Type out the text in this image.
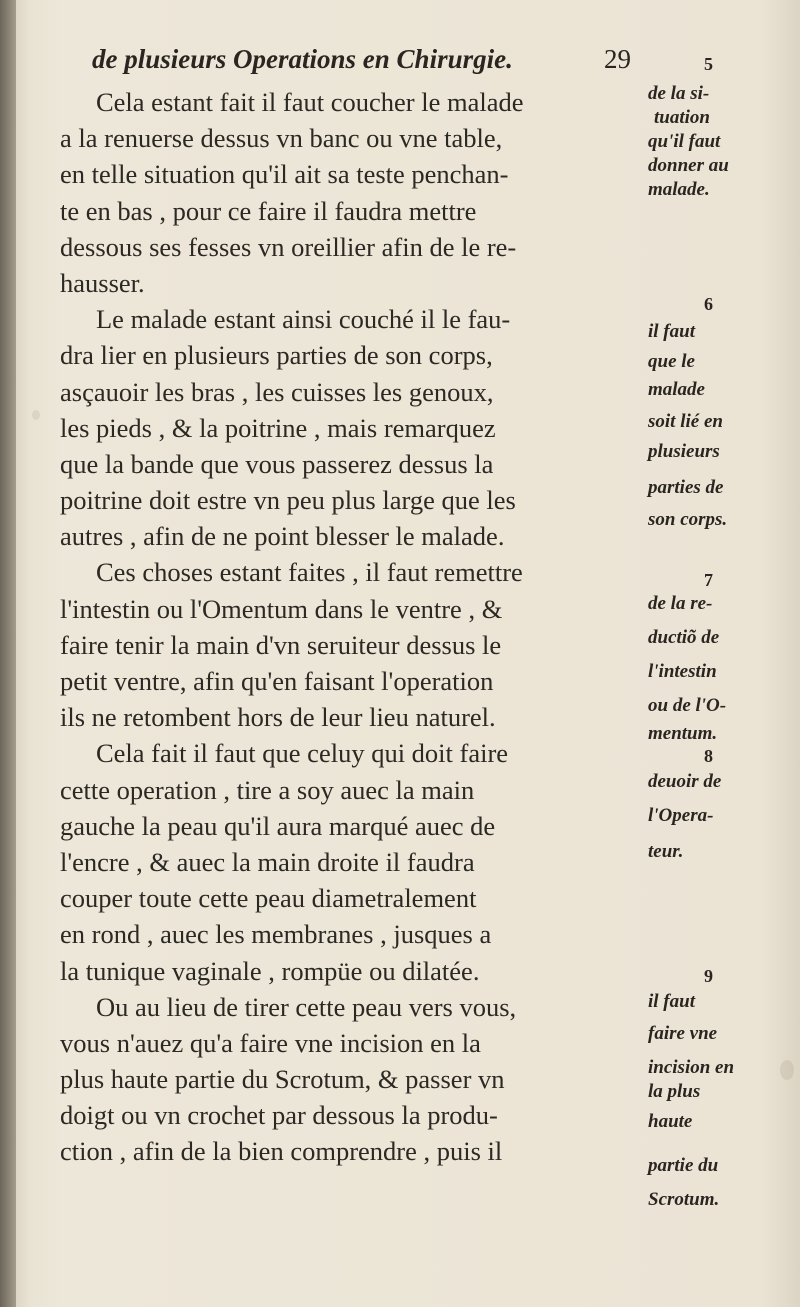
de plusieurs Operations en Chirurgie.	29
Cela estant fait il faut coucher le malade
a la renuerse dessus vn banc ou vne table,
en telle situation qu'il ait sa teste penchan-
te en bas , pour ce faire il faudra mettre
dessous ses fesses vn oreillier afin de le re-
hausser.
Le malade estant ainsi couché il le fau-
dra lier en plusieurs parties de son corps,
asçauoir les bras , les cuisses les genoux,
les pieds , & la poitrine , mais remarquez
que la bande que vous passerez dessus la
poitrine doit estre vn peu plus large que les
autres , afin de ne point blesser le malade.
Ces choses estant faites , il faut remettre
l'intestin ou l'Omentum dans le ventre , &
faire tenir la main d'vn seruiteur dessus le
petit ventre, afin qu'en faisant l'operation
ils ne retombent hors de leur lieu naturel.
Cela fait il faut que celuy qui doit faire
cette operation , tire a soy auec la main
gauche la peau qu'il aura marqué auec de
l'encre , & auec la main droite il faudra
couper toute cette peau diametralement
en rond , auec les membranes , jusques a
la tunique vaginale , rompüe ou dilatée.
Ou au lieu de tirer cette peau vers vous,
vous n'auez qu'a faire vne incision en la
plus haute partie du Scrotum, & passer vn
doigt ou vn crochet par dessous la produ-
ction , afin de la bien comprendre , puis il
5
de la si-
tuation
qu'il faut
donner au
malade.
6
il faut
que le
malade
soit lié en
plusieurs
parties de
son corps.
7
de la re-
ductiõ de
l'intestin
ou de l'O-
mentum.
8
deuoir de
l'Opera-
teur.
9
il faut
faire vne
incision en
la plus
haute
partie du
Scrotum.
